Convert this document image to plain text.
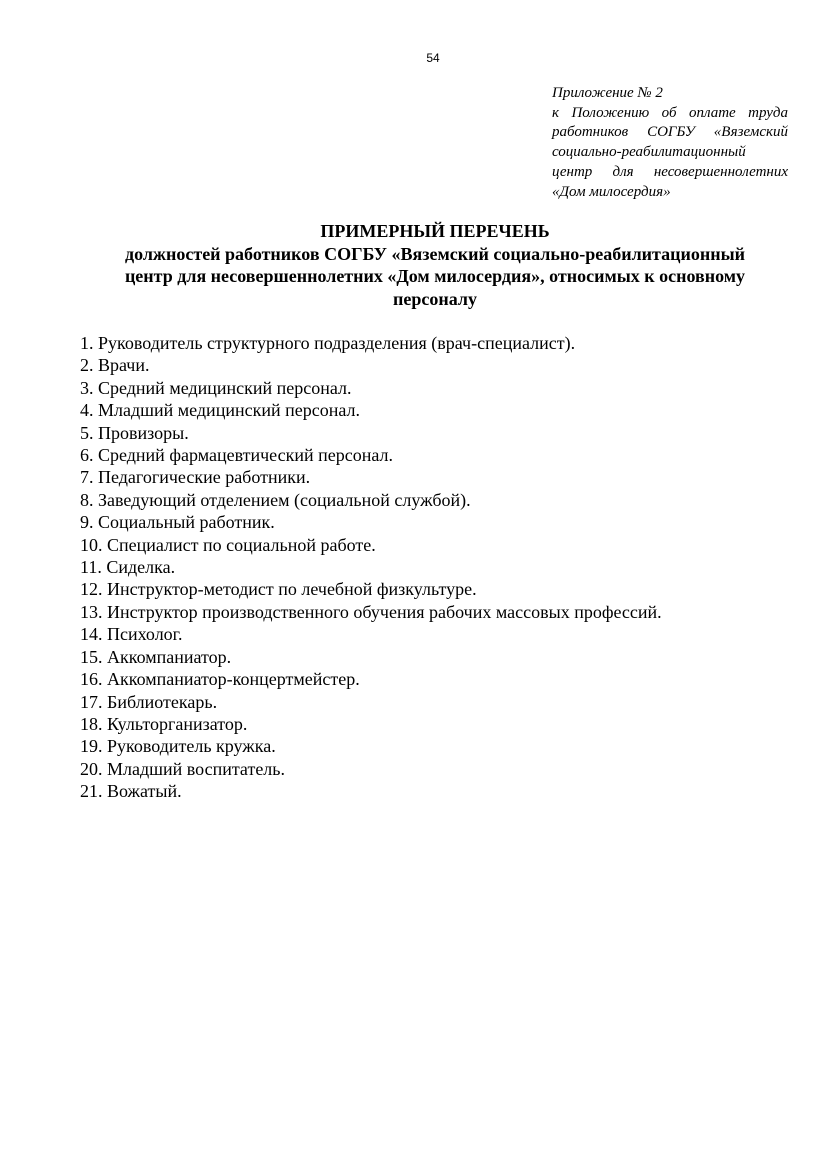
54
Приложение № 2
к Положению об оплате труда
работников СОГБУ «Вяземский
социально-реабилитационный
центр для несовершеннолетних
«Дом милосердия»
ПРИМЕРНЫЙ ПЕРЕЧЕНЬ
должностей работников СОГБУ «Вяземский социально-реабилитационный
центр для несовершеннолетних «Дом милосердия», относимых к основному
персоналу
1. Руководитель структурного подразделения (врач-специалист).
2. Врачи.
3. Средний медицинский персонал.
4. Младший медицинский персонал.
5. Провизоры.
6. Средний фармацевтический персонал.
7. Педагогические работники.
8. Заведующий отделением (социальной службой).
9. Социальный работник.
10. Специалист по социальной работе.
11. Сиделка.
12. Инструктор-методист по лечебной физкультуре.
13. Инструктор производственного обучения рабочих массовых профессий.
14. Психолог.
15. Аккомпаниатор.
16. Аккомпаниатор-концертмейстер.
17. Библиотекарь.
18. Культорганизатор.
19. Руководитель кружка.
20. Младший воспитатель.
21. Вожатый.
